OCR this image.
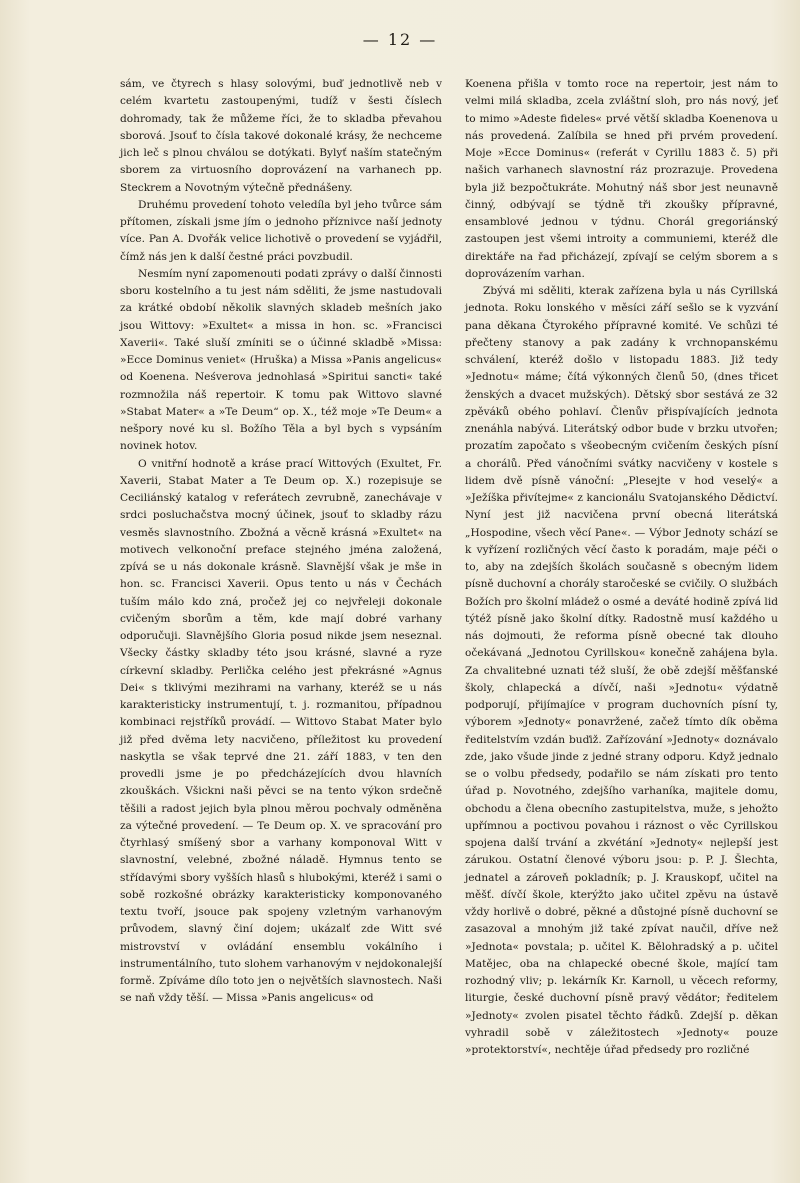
— 12 —

sám, ve čtyrech s hlasy solovými, buď jednotlivě neb v celém kvartetu zastoupenými, tudíž v šesti číslech dohromady, tak že můžeme říci, že to skladba převahou sborová. Jsouť to čísla takové dokonalé krásy, že nechceme jich leč s plnou chválou se dotýkati. Bylyť naším statečným sborem za virtuosního doprovázení na varhanech pp. Steckrem a Novotným výtečně přednášeny.

Druhému provedení tohoto veledíla byl jeho tvůrce sám přítomen, získali jsme jím o jednoho příznivce naší jednoty více. Pan A. Dvořák velice lichotivě o provedení se vyjádřil, čímž nás jen k další čestné práci povzbudil.

Nesmím nyní zapomenouti podati zprávy o další činnosti sboru kostelního a tu jest nám sděliti, že jsme nastudovali za krátké období několik slavných skladeb mešních jako jsou Wittovy: »Exultet« a missa in hon. sc. »Francisci Xaverii«. Také sluší zmíniti se o účinné skladbě »Missa: »Ecce Dominus veniet« (Hruška) a Missa »Panis angelicus« od Koenena. Neśverova jednohlasá »Spiritui sancti« také rozmnožila náš repertoir. K tomu pak Wittovo slavné »Stabat Mater« a »Te Deum“ op. X., též moje »Te Deum« a nešpory nové ku sl. Božího Těla a byl bych s vypsáním novinek hotov.

O vnitřní hodnotě a kráse prací Wittových (Exultet, Fr. Xaverii, Stabat Mater a Te Deum op. X.) rozepisuje se Ceciliánský katalog v referátech zevrubně, zanechávaje v srdci posluchačstva mocný účinek, jsouť to skladby rázu vesměs slavnostního. Zbožná a věcně krásná »Exultet« na motivech velkonoční preface stejného jména založená, zpívá se u nás dokonale krásně. Slavnější však je mše in hon. sc. Francisci Xaverii. Opus tento u nás v Čechách tuším málo kdo zná, pročež jej co nejvřeleji dokonale cvičeným sborům a těm, kde mají dobré varhany odporučuji. Slavnějšího Gloria posud nikde jsem neseznal. Všecky částky skladby této jsou krásné, slavné a ryze církevní skladby. Perlička celého jest překrásné »Agnus Dei« s tklivými mezihrami na varhany, kteréž se u nás karakteristicky instrumentují, t. j. rozmanitou, případnou kombinaci rejstříků provádí. — Wittovo Stabat Mater bylo již před dvěma lety nacvičeno, příležitost ku provedení naskytla se však teprvé dne 21. září 1883, v ten den provedli jsme je po předcházejících dvou hlavních zkouškách. Všickni naši pěvci se na tento výkon srdečně těšili a radost jejich byla plnou měrou pochvaly odměněna za výtečné provedení. — Te Deum op. X. ve spracování pro čtyrhlasý smíšený sbor a varhany komponoval Witt v slavnostní, velebné, zbožné náladě. Hymnus tento se střídavými sbory vyšších hlasů s hlubokými, kteréž i sami o sobě rozkošné obrázky karakteristicky komponovaného textu tvoří, jsouce pak spojeny vzletným varhanovým průvodem, slavný činí dojem; ukázalť zde Witt své mistrovství v ovládání ensemblu vokálního i instrumentálního, tuto slohem varhanovým v nejdokonalejší formě. Zpíváme dílo toto jen o největších slavnostech. Naši se naň vždy těší. — Missa »Panis angelicus« od

Koenena přišla v tomto roce na repertoir, jest nám to velmi milá skladba, zcela zvláštní sloh, pro nás nový, jeť to mimo »Adeste fideles« prvé větší skladba Koenenova u nás provedená. Zalíbila se hned při prvém provedení. Moje »Ecce Dominus« (referát v Cyrillu 1883 č. 5) při našich varhanech slavnostní ráz prozrazuje. Provedena byla již bezpočtukráte. Mohutný náš sbor jest neunavně činný, odbývají se týdně tři zkoušky přípravné, ensamblové jednou v týdnu. Chorál gregoriánský zastoupen jest všemi introity a communiemi, kteréž dle direktáře na řad přicházejí, zpívají se celým sborem a s doprovázením varhan.

Zbývá mi sděliti, kterak zařízena byla u nás Cyrillská jednota. Roku lonského v měsíci září sešlo se k vyzvání pana děkana Čtyrokého přípravné komité. Ve schůzi té přečteny stanovy a pak zadány k vrchnopanskému schválení, kteréž došlo v listopadu 1883. Již tedy »Jednotu« máme; čítá výkonných členů 50, (dnes třicet ženských a dvacet mužských). Dětský sbor sestává ze 32 zpěváků obého pohlaví. Členův přispívajících jednota znenáhla nabývá. Literátský odbor bude v brzku utvořen; prozatím započato s všeobecným cvičením českých písní a chorálů. Před vánočními svátky nacvičeny v kostele s lidem dvě písně vánoční: „Plesejte v hod veselý« a »Ježíška přivítejme« z kancionálu Svatojanského Dědictví. Nyní jest již nacvičena první obecná literátská „Hospodine, všech věcí Pane«. — Výbor Jednoty schází se k vyřízení rozličných věcí často k poradám, maje péči o to, aby na zdejších školách současně s obecným lidem písně duchovní a chorály staročeské se cvičily. O službách Božích pro školní mládež o osmé a deváté hodině zpívá lid týtéž písně jako školní dítky. Radostně musí každého u nás dojmouti, že reforma písně obecné tak dlouho očekávaná „Jednotou Cyrillskou« konečně zahájena byla. Za chvalitebné uznati též sluší, že obě zdejší měšťanské školy, chlapecká a dívčí, naši »Jednotu« výdatně podporují, přijímajíce v program duchovních písní ty, výborem »Jednoty« ponavržené, začež tímto dík oběma ředitelstvím vzdán buďiž. Zařízování »Jednoty« doznávalo zde, jako všude jinde z jedné strany odporu. Když jednalo se o volbu předsedy, podařilo se nám získati pro tento úřad p. Novotného, zdejšího varhaníka, majitele domu, obchodu a člena obecního zastupitelstva, muže, s jehožto upřímnou a poctivou povahou i ráznost o věc Cyrillskou spojena další trvání a zkvétání »Jednoty« nejlepší jest zárukou. Ostatní členové výboru jsou: p. P. J. Šlechta, jednatel a zároveň pokladník; p. J. Krauskopf, učitel na měšť. dívčí škole, kterýžto jako učitel zpěvu na ústavě vždy horlivě o dobré, pěkné a důstojné písně duchovní se zasazoval a mnohým již také zpívat naučil, dříve než »Jednota« povstala; p. učitel K. Bělohradský a p. učitel Matějec, oba na chlapecké obecné škole, mající tam rozhodný vliv; p. lekárník Kr. Karnoll, u věcech reformy, liturgie, české duchovní písně pravý vědátor; ředitelem »Jednoty« zvolen pisatel těchto řádků. Zdejší p. děkan vyhradil sobě v záležitostech »Jednoty« pouze »protektorství«, nechtěje úřad předsedy pro rozličné
